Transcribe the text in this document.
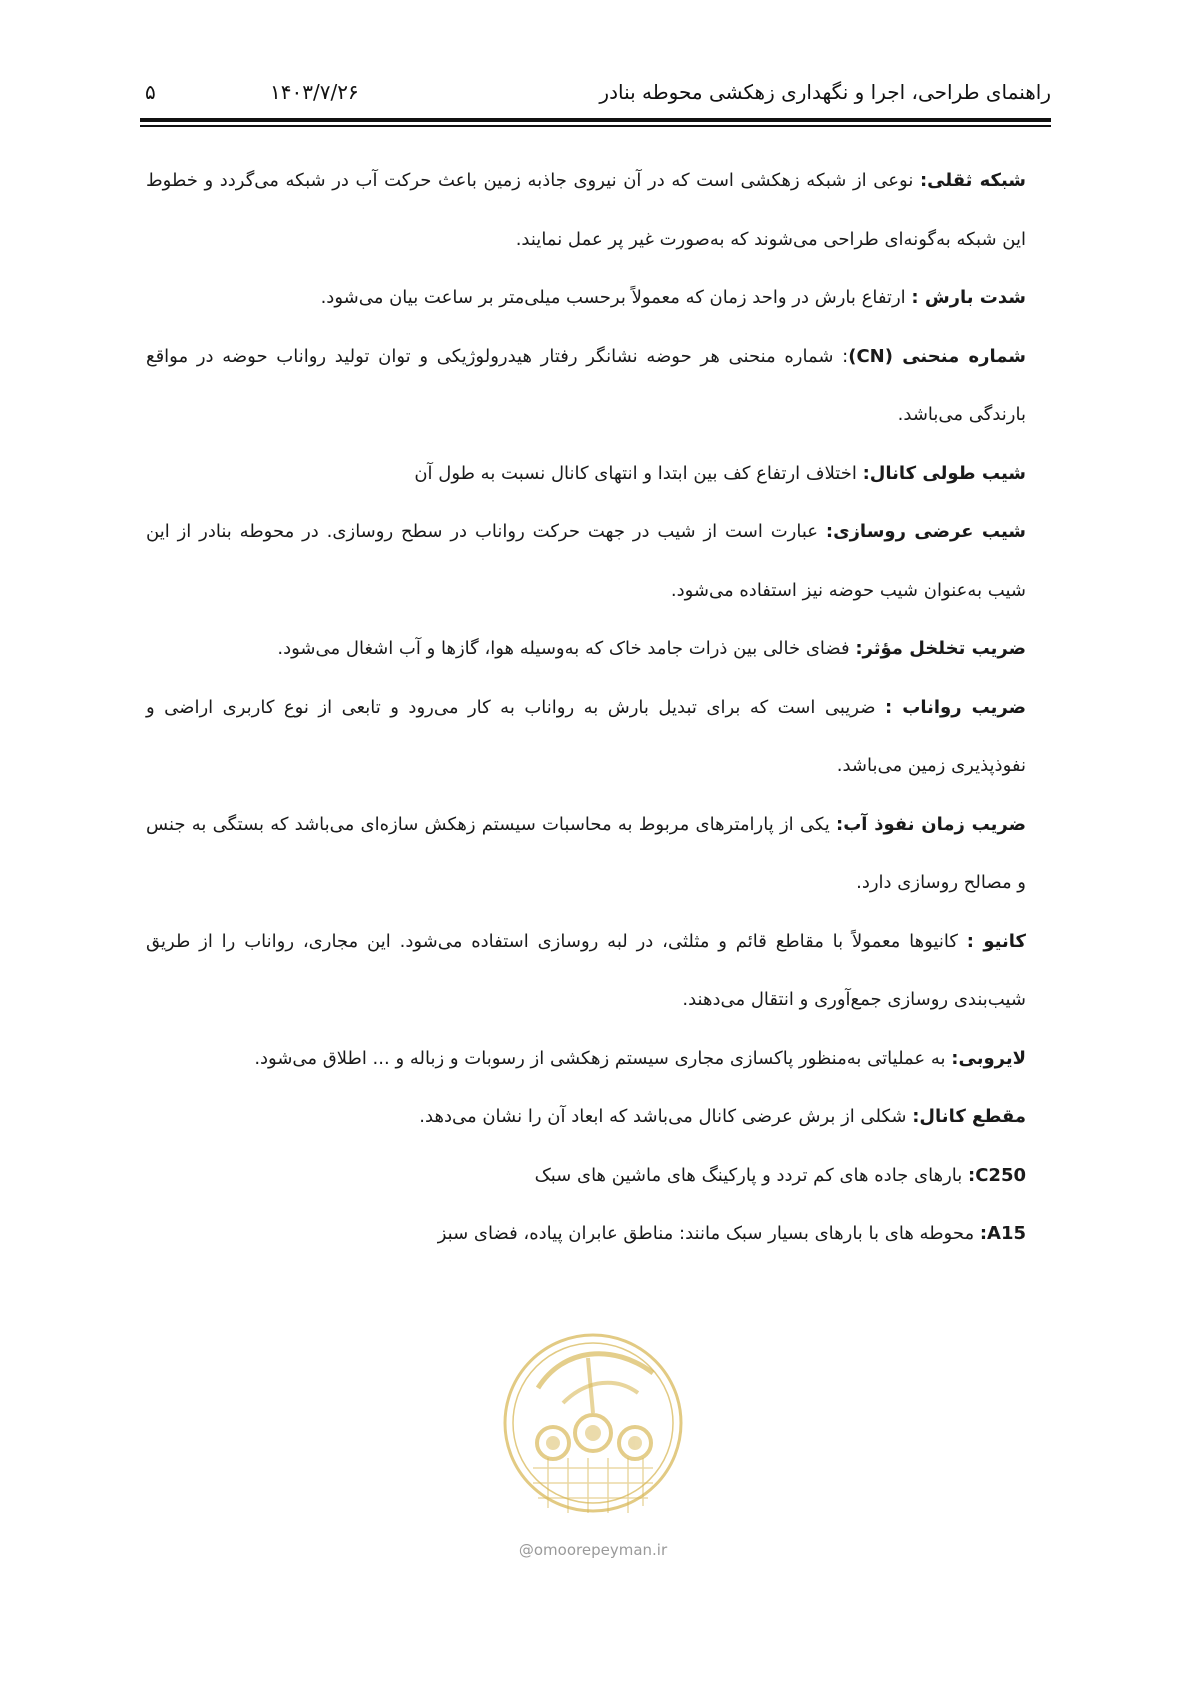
راهنمای طراحی، اجرا و نگهداری زهکشی محوطه بنادر
۱۴۰۳/۷/۲۶
۵

شبکه ثقلی: نوعی از شبکه زهکشی است که در آن نیروی جاذبه زمین باعث حرکت آب در شبکه می‌گردد و خطوط این شبکه به‌گونه‌ای طراحی می‌شوند که به‌صورت غیر پر عمل نمایند.

شدت بارش : ارتفاع بارش در واحد زمان که معمولاً برحسب میلی‌متر بر ساعت بیان می‌شود.

شماره منحنی (CN): شماره منحنی هر حوضه نشانگر رفتار هیدرولوژیکی و توان تولید رواناب حوضه در مواقع بارندگی می‌باشد.

شیب طولی کانال: اختلاف ارتفاع کف بین ابتدا و انتهای کانال نسبت به طول آن

شیب عرضی روسازی: عبارت است از شیب در جهت حرکت رواناب در سطح روسازی. در محوطه بنادر از این شیب به‌عنوان شیب حوضه نیز استفاده می‌شود.

ضریب تخلخل مؤثر: فضای خالی بین ذرات جامد خاک که به‌وسیله هوا، گازها و آب اشغال می‌شود.

ضریب رواناب : ضریبی است که برای تبدیل بارش به رواناب به کار می‌رود و تابعی از نوع کاربری اراضی و نفوذپذیری زمین می‌باشد.

ضریب زمان نفوذ آب: یکی از پارامترهای مربوط به محاسبات سیستم زهکش سازه‌ای می‌باشد که بستگی به جنس و مصالح روسازی دارد.

کانیو : کانیوها معمولاً با مقاطع قائم و مثلثی، در لبه روسازی استفاده می‌شود. این مجاری، رواناب را از طریق شیب‌بندی روسازی جمع‌آوری و انتقال می‌دهند.

لایروبی: به عملیاتی به‌منظور پاکسازی مجاری سیستم زهکشی از رسوبات و زباله و ... اطلاق می‌شود.

مقطع کانال: شکلی از برش عرضی کانال می‌باشد که ابعاد آن را نشان می‌دهد.

C250: بارهای جاده های کم تردد و پارکینگ های ماشین های سبک

A15: محوطه های با بارهای بسیار سبک مانند: مناطق عابران پیاده، فضای سبز

@omoorepeyman.ir
